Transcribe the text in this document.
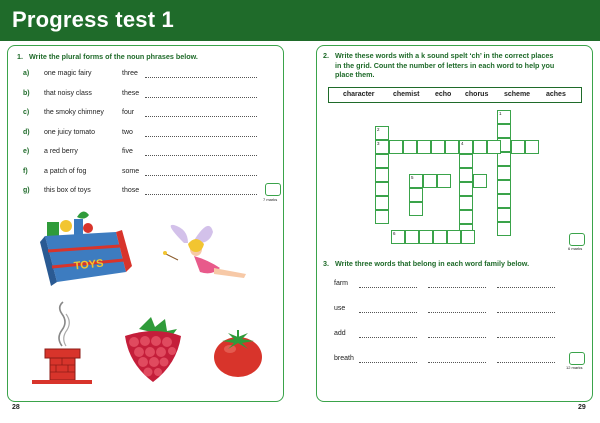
Progress test 1
1. Write the plural forms of the noun phrases below.
a) one magic fairy	three
b) that noisy class	these
c) the smoky chimney	four
d) one juicy tomato	two
e) a red berry	five
f) a patch of fog	some
g) this box of toys	those
7 marks
TOYS
2. Write these words with a k sound spelt ‘ch’ in the correct places
in the grid. Count the number of letters in each word to help you
place them.
character	chemist echo chorus scheme aches
1
2
3	4
5
6
6 marks
3. Write three words that belong in each word family below.
farm
use
add
breath
12 marks
28	29
